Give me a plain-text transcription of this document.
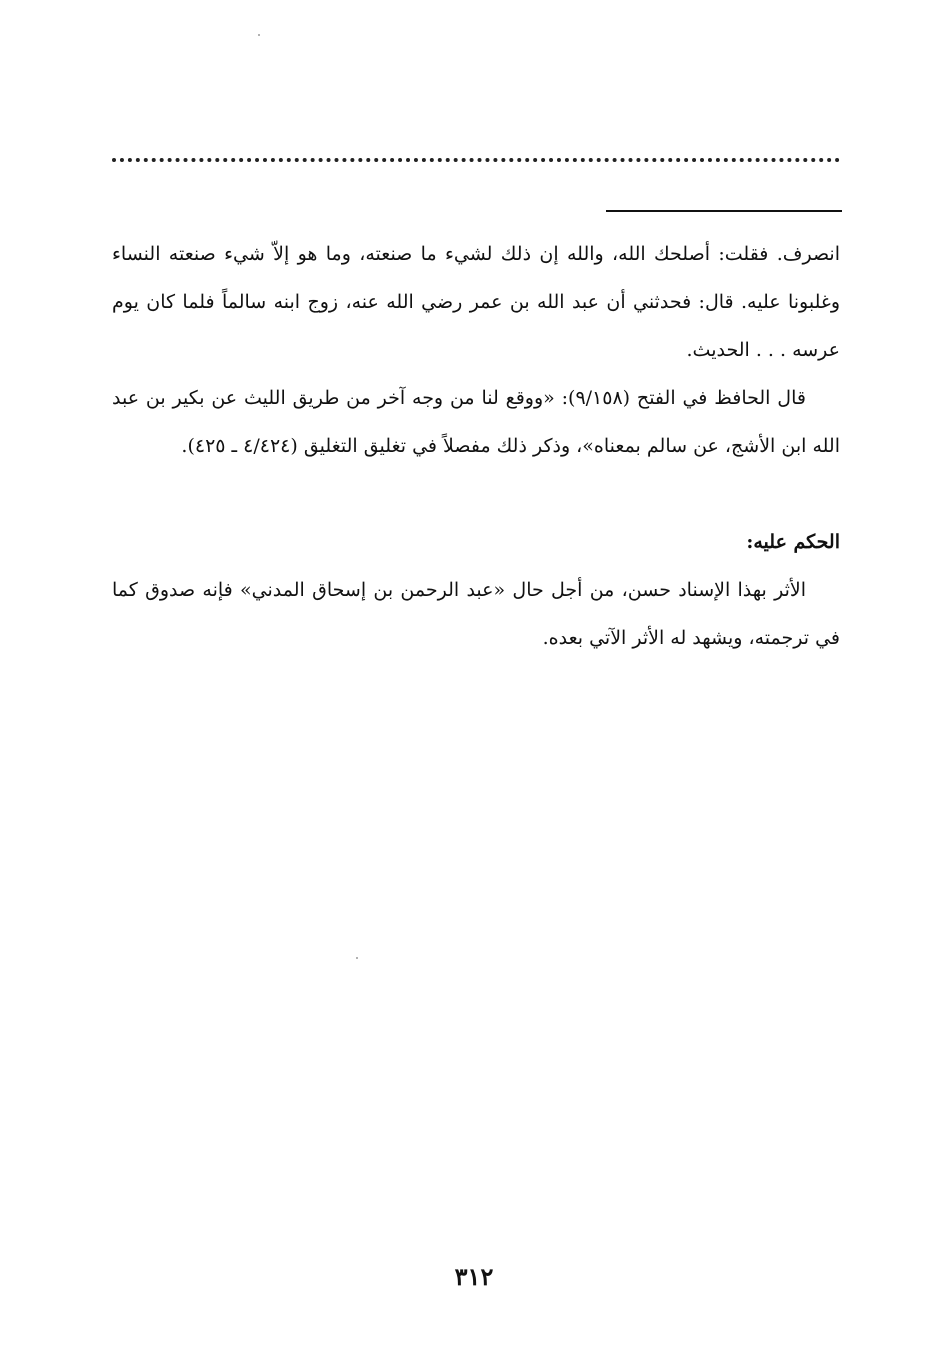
انصرف. فقلت: أصلحك الله، والله إن ذلك لشيء ما صنعته، وما هو إلاّ شيء صنعته النساء وغلبونا عليه. قال: فحدثني أن عبد الله بن عمر رضي الله عنه، زوج ابنه سالماً فلما كان يوم عرسه . . . الحديث.

قال الحافظ في الفتح (٩/١٥٨): «ووقع لنا من وجه آخر من طريق الليث عن بكير بن عبد الله ابن الأشج، عن سالم بمعناه»، وذكر ذلك مفصلاً في تغليق التغليق (٤/٤٢٤ ـ ٤٢٥).

الحكم عليه:

الأثر بهذا الإسناد حسن، من أجل حال «عبد الرحمن بن إسحاق المدني» فإنه صدوق كما في ترجمته، ويشهد له الأثر الآتي بعده.

٣١٢
